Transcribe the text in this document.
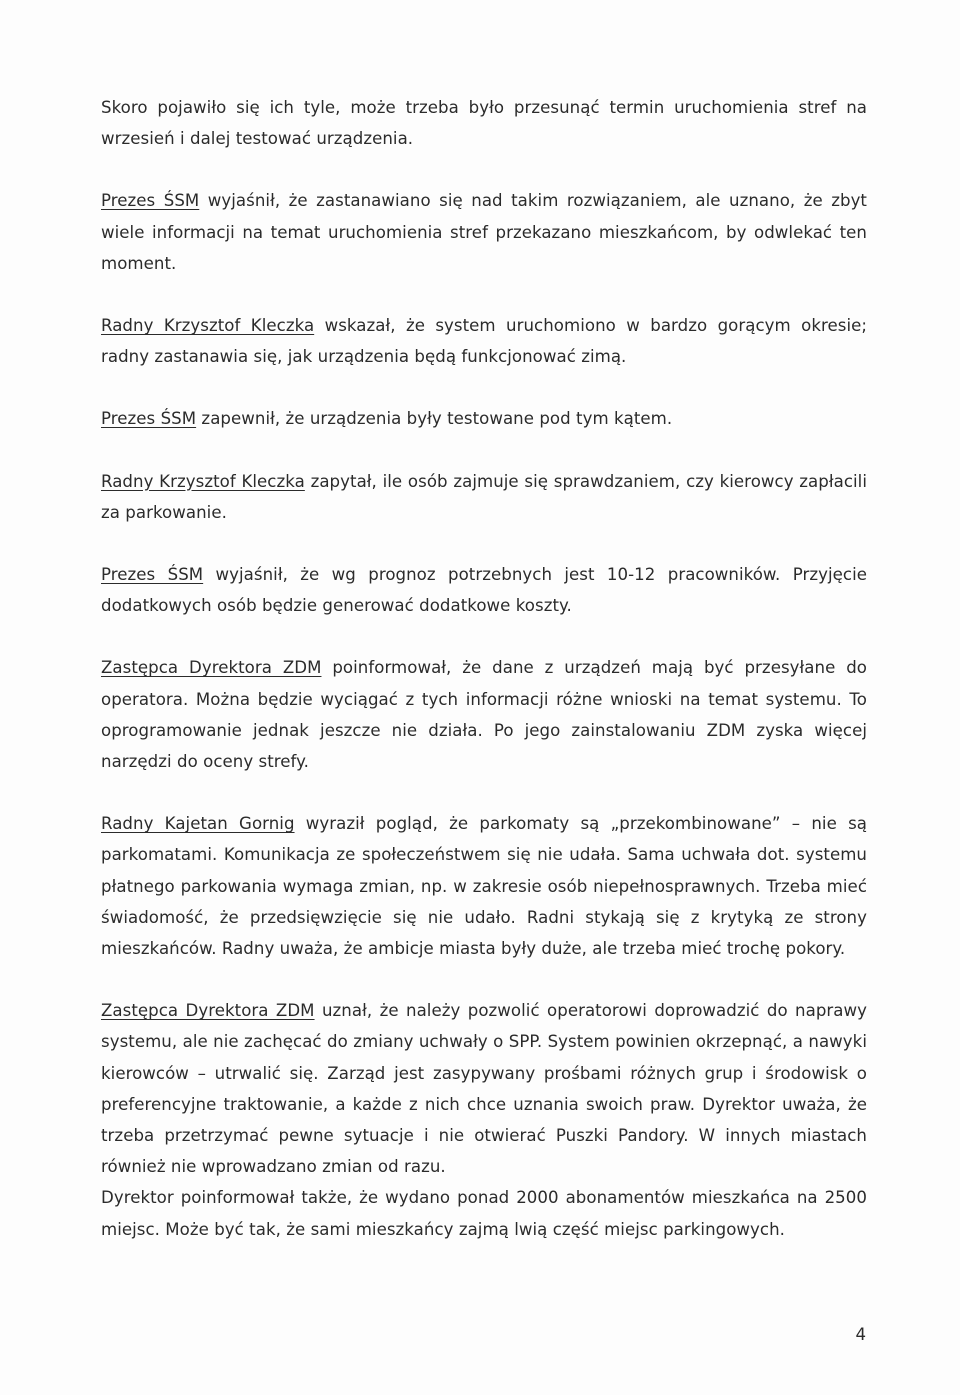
Skoro pojawiło się ich tyle, może trzeba było przesunąć termin uruchomienia stref na wrzesień i dalej testować urządzenia.

Prezes ŚSM wyjaśnił, że zastanawiano się nad takim rozwiązaniem, ale uznano, że zbyt wiele informacji na temat uruchomienia stref przekazano mieszkańcom, by odwlekać ten moment.

Radny Krzysztof Kleczka wskazał, że system uruchomiono w bardzo gorącym okresie; radny zastanawia się, jak urządzenia będą funkcjonować zimą.

Prezes ŚSM zapewnił, że urządzenia były testowane pod tym kątem.

Radny Krzysztof Kleczka zapytał, ile osób zajmuje się sprawdzaniem, czy kierowcy zapłacili za parkowanie.

Prezes ŚSM wyjaśnił, że wg prognoz potrzebnych jest 10-12 pracowników. Przyjęcie dodatkowych osób będzie generować dodatkowe koszty.

Zastępca Dyrektora ZDM poinformował, że dane z urządzeń mają być przesyłane do operatora. Można będzie wyciągać z tych informacji różne wnioski na temat systemu. To oprogramowanie jednak jeszcze nie działa. Po jego zainstalowaniu ZDM zyska więcej narzędzi do oceny strefy.

Radny Kajetan Gornig wyraził pogląd, że parkomaty są „przekombinowane” – nie są parkomatami. Komunikacja ze społeczeństwem się nie udała. Sama uchwała dot. systemu płatnego parkowania wymaga zmian, np. w zakresie osób niepełnosprawnych. Trzeba mieć świadomość, że przedsięwzięcie się nie udało. Radni stykają się z krytyką ze strony mieszkańców. Radny uważa, że ambicje miasta były duże, ale trzeba mieć trochę pokory.

Zastępca Dyrektora ZDM uznał, że należy pozwolić operatorowi doprowadzić do naprawy systemu, ale nie zachęcać do zmiany uchwały o SPP. System powinien okrzepnąć, a nawyki kierowców – utrwalić się. Zarząd jest zasypywany prośbami różnych grup i środowisk o preferencyjne traktowanie, a każde z nich chce uznania swoich praw. Dyrektor uważa, że trzeba przetrzymać pewne sytuacje i nie otwierać Puszki Pandory. W innych miastach również nie wprowadzano zmian od razu.

Dyrektor poinformował także, że wydano ponad 2000 abonamentów mieszkańca na 2500 miejsc. Może być tak, że sami mieszkańcy zajmą lwią część miejsc parkingowych.

4
